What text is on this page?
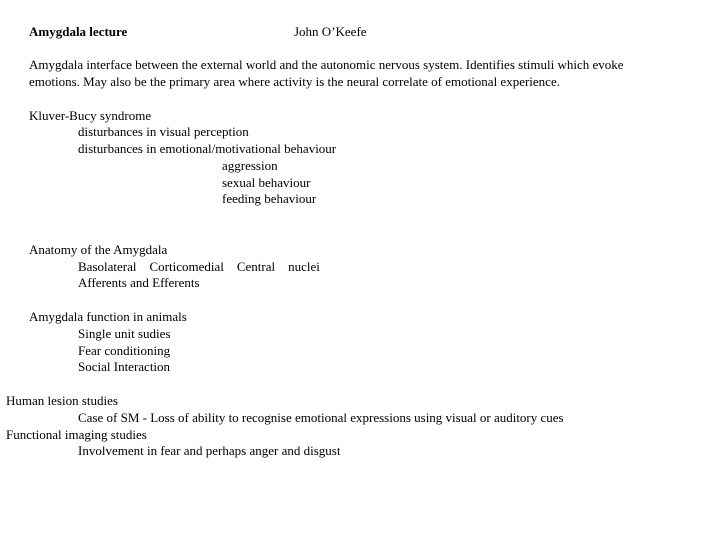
Amygdala lecture	John O’Keefe
Amygdala interface between the external world and the autonomic nervous system. Identifies stimuli which evoke
emotions. May also be the primary area where activity is the neural correlate of emotional experience.
Kluver-Bucy syndrome
disturbances in visual perception
disturbances in emotional/motivational behaviour
aggression
sexual behaviour
feeding behaviour
Anatomy of the Amygdala
Basolateral Corticomedial Central nuclei
Afferents and Efferents
Amygdala function in animals
Single unit sudies
Fear conditioning
Social Interaction
Human lesion studies
Case of SM - Loss of ability to recognise emotional expressions using visual or auditory cues
Functional imaging studies
Involvement in fear and perhaps anger and disgust
